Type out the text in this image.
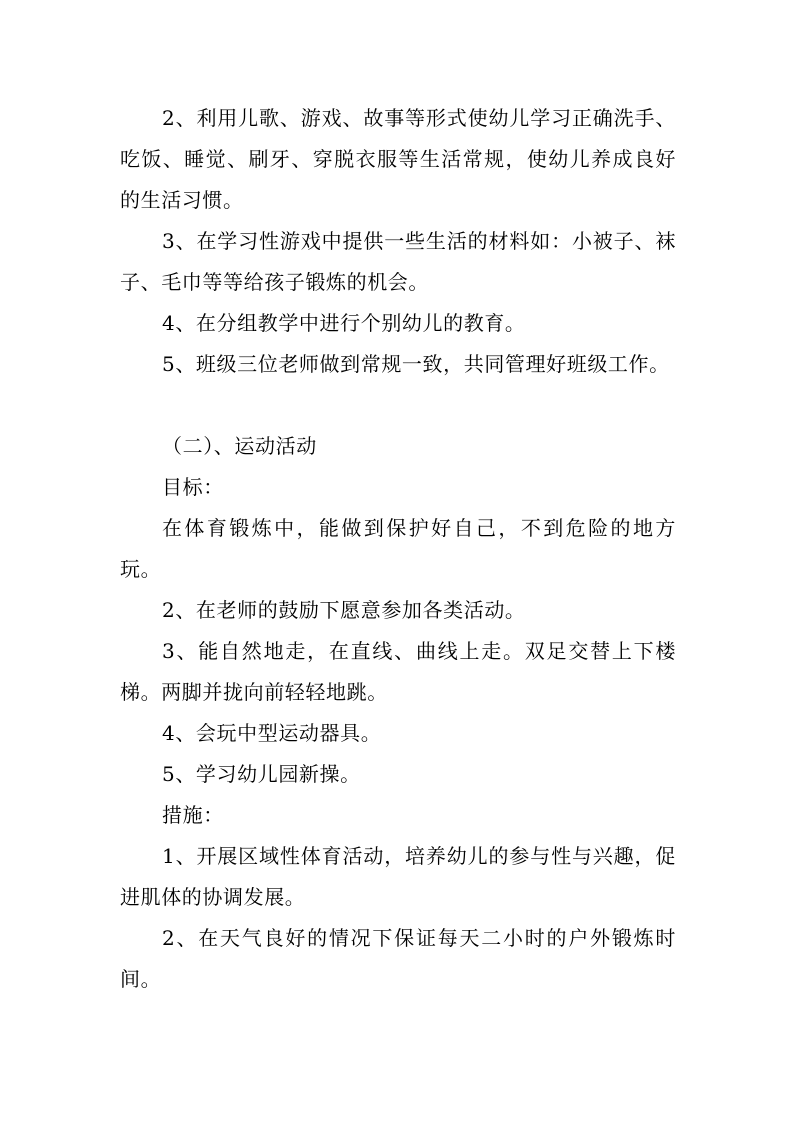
2、利用儿歌、游戏、故事等形式使幼儿学习正确洗手、吃饭、睡觉、刷牙、穿脱衣服等生活常规，使幼儿养成良好的生活习惯。

3、在学习性游戏中提供一些生活的材料如：小被子、袜子、毛巾等等给孩子锻炼的机会。

4、在分组教学中进行个别幼儿的教育。

5、班级三位老师做到常规一致，共同管理好班级工作。

（二）、运动活动

目标：

在体育锻炼中，能做到保护好自己，不到危险的地方玩。

2、在老师的鼓励下愿意参加各类活动。

3、能自然地走，在直线、曲线上走。双足交替上下楼梯。两脚并拢向前轻轻地跳。

4、会玩中型运动器具。

5、学习幼儿园新操。

措施：

1、开展区域性体育活动，培养幼儿的参与性与兴趣，促进肌体的协调发展。

2、在天气良好的情况下保证每天二小时的户外锻炼时间。
